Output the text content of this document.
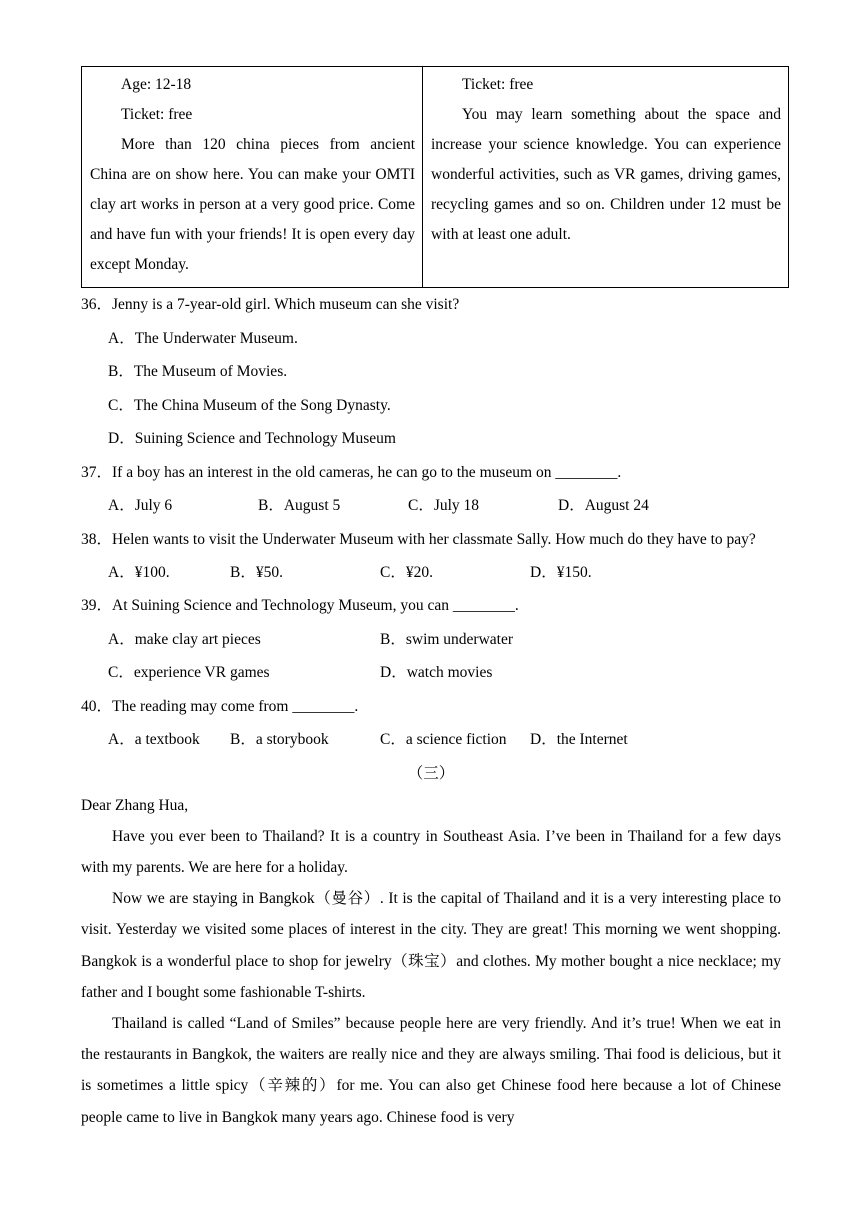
Age: 12-18

Ticket: free

More than 120 china pieces from ancient China are on show here. You can make your OMTI clay art works in person at a very good price. Come and have fun with your friends! It is open every day except Monday.

Ticket: free

You may learn something about the space and increase your science knowledge. You can experience wonderful activities, such as VR games, driving games, recycling games and so on. Children under 12 must be with at least one adult.

36．Jenny is a 7-year-old girl. Which museum can she visit?

A．The Underwater Museum.

B．The Museum of Movies.

C．The China Museum of the Song Dynasty.

D．Suining Science and Technology Museum

37．If a boy has an interest in the old cameras, he can go to the museum on ________.

A．July 6	B．August 5	C．July 18	D．August 24

38．Helen wants to visit the Underwater Museum with her classmate Sally. How much do they have to pay?

A．¥100.	B．¥50.	C．¥20.	D．¥150.

39．At Suining Science and Technology Museum, you can ________.

A．make clay art pieces	B．swim underwater
C．experience VR games	D．watch movies

40．The reading may come from ________.

A．a textbook B．a storybook	C．a science fiction D．the Internet

（三）

Dear Zhang Hua,

Have you ever been to Thailand? It is a country in Southeast Asia. I’ve been in Thailand for a few days with my parents. We are here for a holiday.

Now we are staying in Bangkok（曼谷）. It is the capital of Thailand and it is a very interesting place to visit. Yesterday we visited some places of interest in the city. They are great! This morning we went shopping. Bangkok is a wonderful place to shop for jewelry（珠宝）and clothes. My mother bought a nice necklace; my father and I bought some fashionable T-shirts.

Thailand is called “Land of Smiles” because people here are very friendly. And it’s true! When we eat in the restaurants in Bangkok, the waiters are really nice and they are always smiling. Thai food is delicious, but it is sometimes a little spicy（辛辣的）for me. You can also get Chinese food here because a lot of Chinese people came to live in Bangkok many years ago. Chinese food is very
